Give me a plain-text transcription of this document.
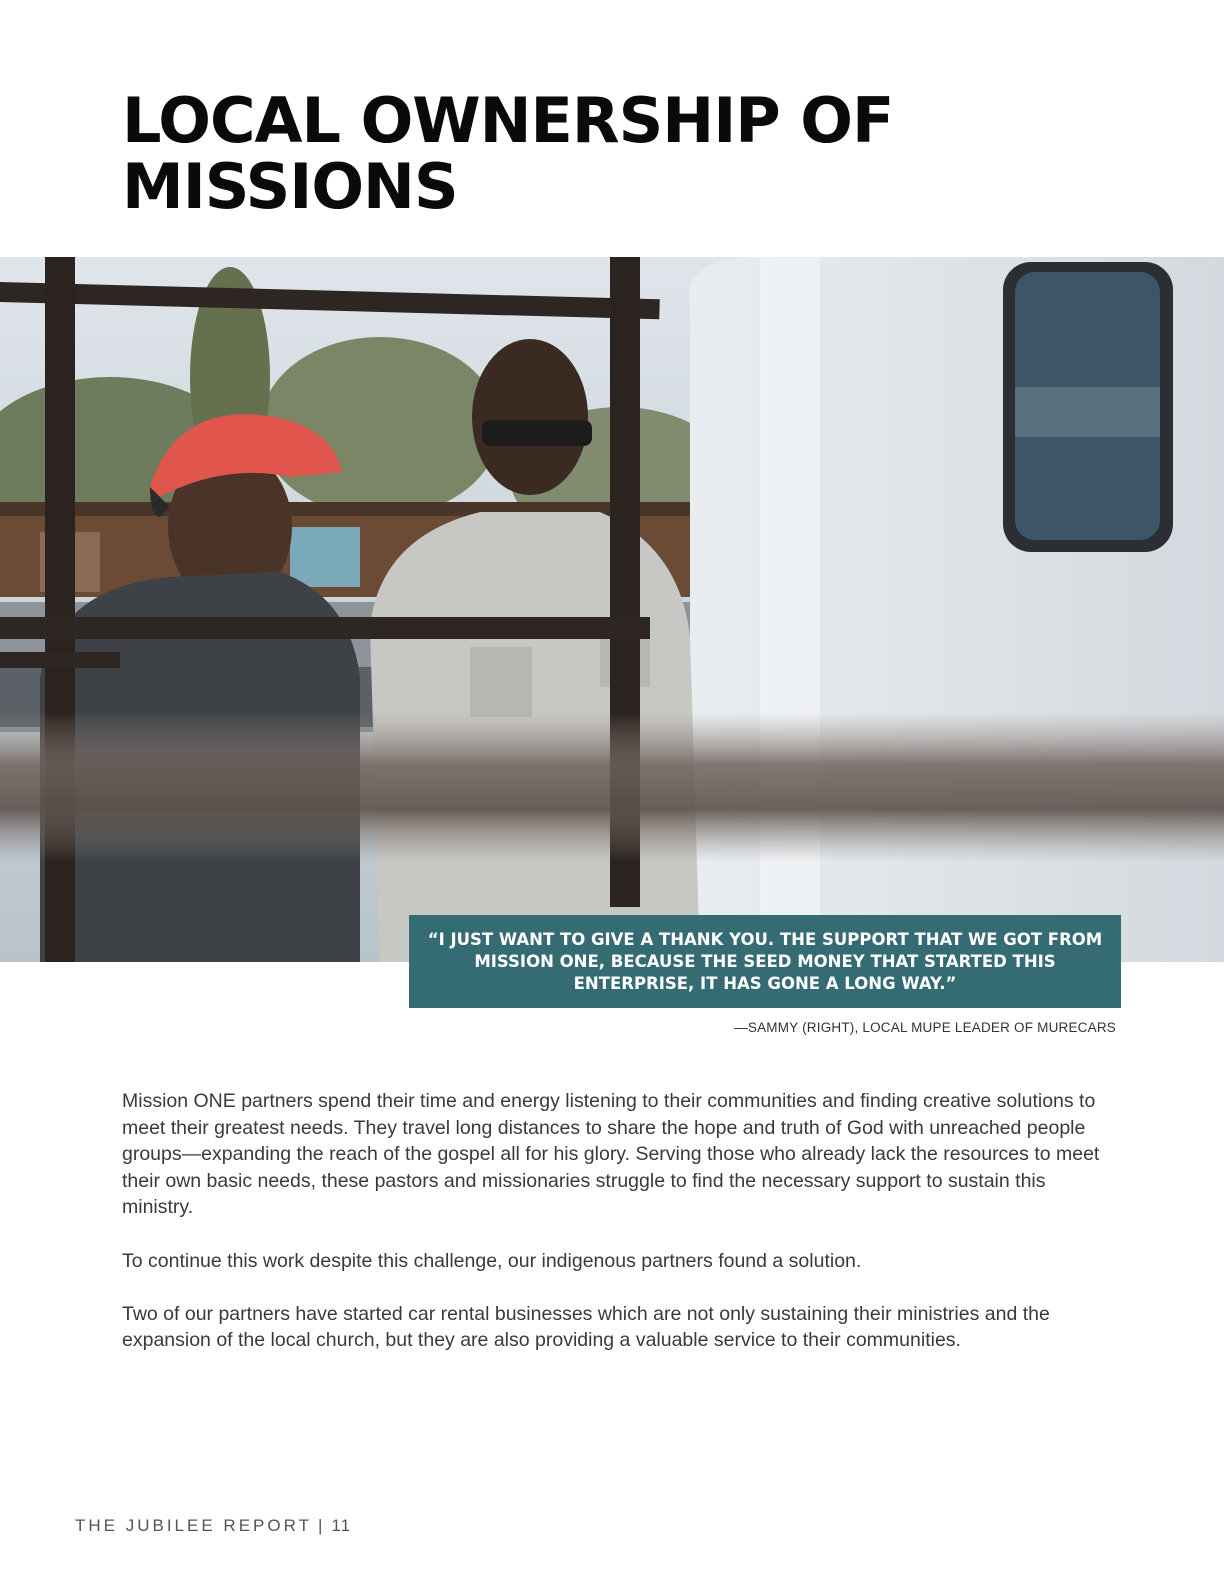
LOCAL OWNERSHIP OF
MISSIONS
“I JUST WANT TO GIVE A THANK YOU. THE SUPPORT THAT WE GOT FROM MISSION ONE, BECAUSE THE SEED MONEY THAT STARTED THIS ENTERPRISE, IT HAS GONE A LONG WAY.”
—SAMMY (RIGHT), LOCAL MUPE LEADER OF MURECARS

Mission ONE partners spend their time and energy listening to their communities and finding creative solutions to meet their greatest needs. They travel long distances to share the hope and truth of God with unreached people groups—expanding the reach of the gospel all for his glory. Serving those who already lack the resources to meet their own basic needs, these pastors and missionaries struggle to find the necessary support to sustain this ministry.

To continue this work despite this challenge, our indigenous partners found a solution.

Two of our partners have started car rental businesses which are not only sustaining their ministries and the expansion of the local church, but they are also providing a valuable service to their communities.

THE JUBILEE REPORT | 11
